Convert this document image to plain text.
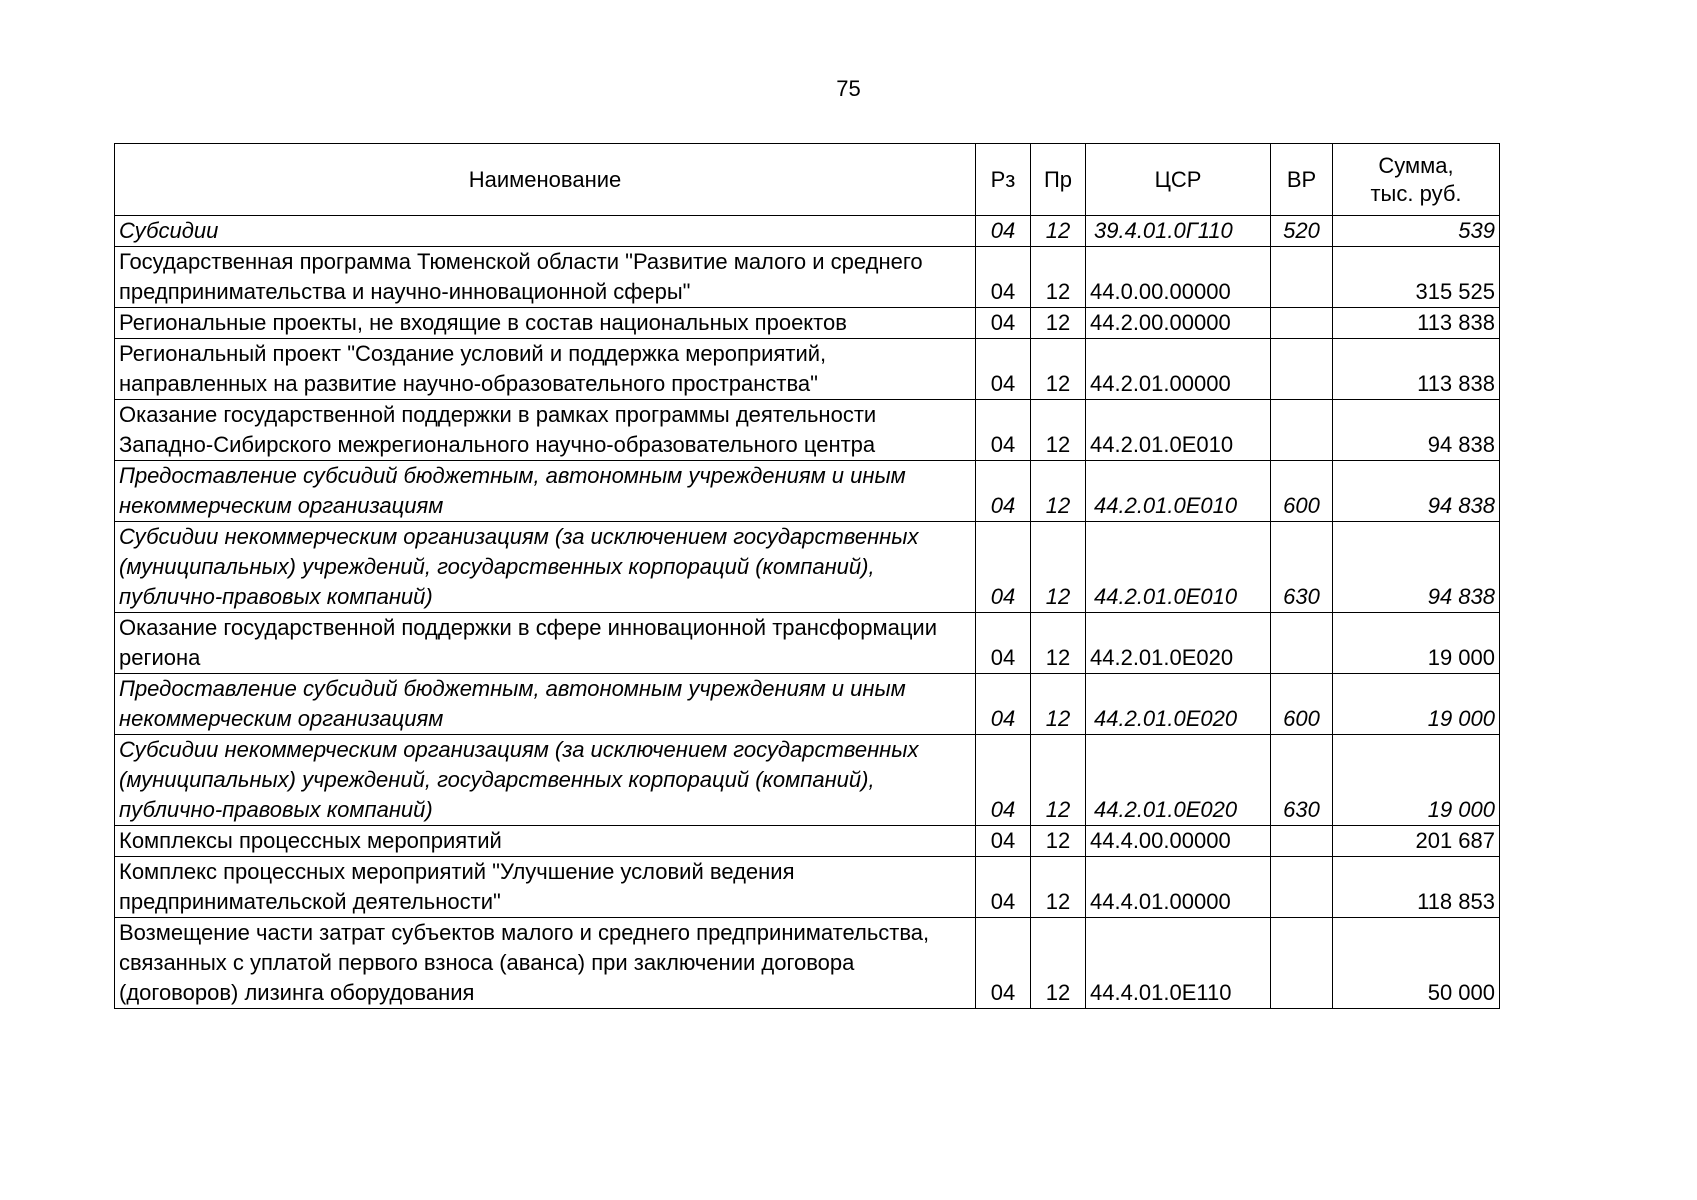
75
Наименование	Рз	Пр	ЦСР	ВР	Сумма,
тыс. руб.
Субсидии	04	12	39.4.01.0Г110	520	539
Государственная программа Тюменской области "Развитие малого и среднего предпринимательства и научно-инновационной сферы"	04	12	44.0.00.00000		315 525
Региональные проекты, не входящие в состав национальных проектов	04	12	44.2.00.00000		113 838
Региональный проект "Создание условий и поддержка мероприятий, направленных на развитие научно-образовательного пространства"	04	12	44.2.01.00000		113 838
Оказание государственной поддержки в рамках программы деятельности Западно-Сибирского межрегионального научно-образовательного центра	04	12	44.2.01.0Е010		94 838
Предоставление субсидий бюджетным, автономным учреждениям и иным некоммерческим организациям	04	12	44.2.01.0Е010	600	94 838
Субсидии некоммерческим организациям (за исключением государственных (муниципальных) учреждений, государственных корпораций (компаний), публично-правовых компаний)	04	12	44.2.01.0Е010	630	94 838
Оказание государственной поддержки в сфере инновационной трансформации региона	04	12	44.2.01.0Е020		19 000
Предоставление субсидий бюджетным, автономным учреждениям и иным некоммерческим организациям	04	12	44.2.01.0Е020	600	19 000
Субсидии некоммерческим организациям (за исключением государственных (муниципальных) учреждений, государственных корпораций (компаний), публично-правовых компаний)	04	12	44.2.01.0Е020	630	19 000
Комплексы процессных мероприятий	04	12	44.4.00.00000		201 687
Комплекс процессных мероприятий "Улучшение условий ведения предпринимательской деятельности"	04	12	44.4.01.00000		118 853
Возмещение части затрат субъектов малого и среднего предпринимательства, связанных с уплатой первого взноса (аванса) при заключении договора (договоров) лизинга оборудования	04	12	44.4.01.0Е110		50 000
